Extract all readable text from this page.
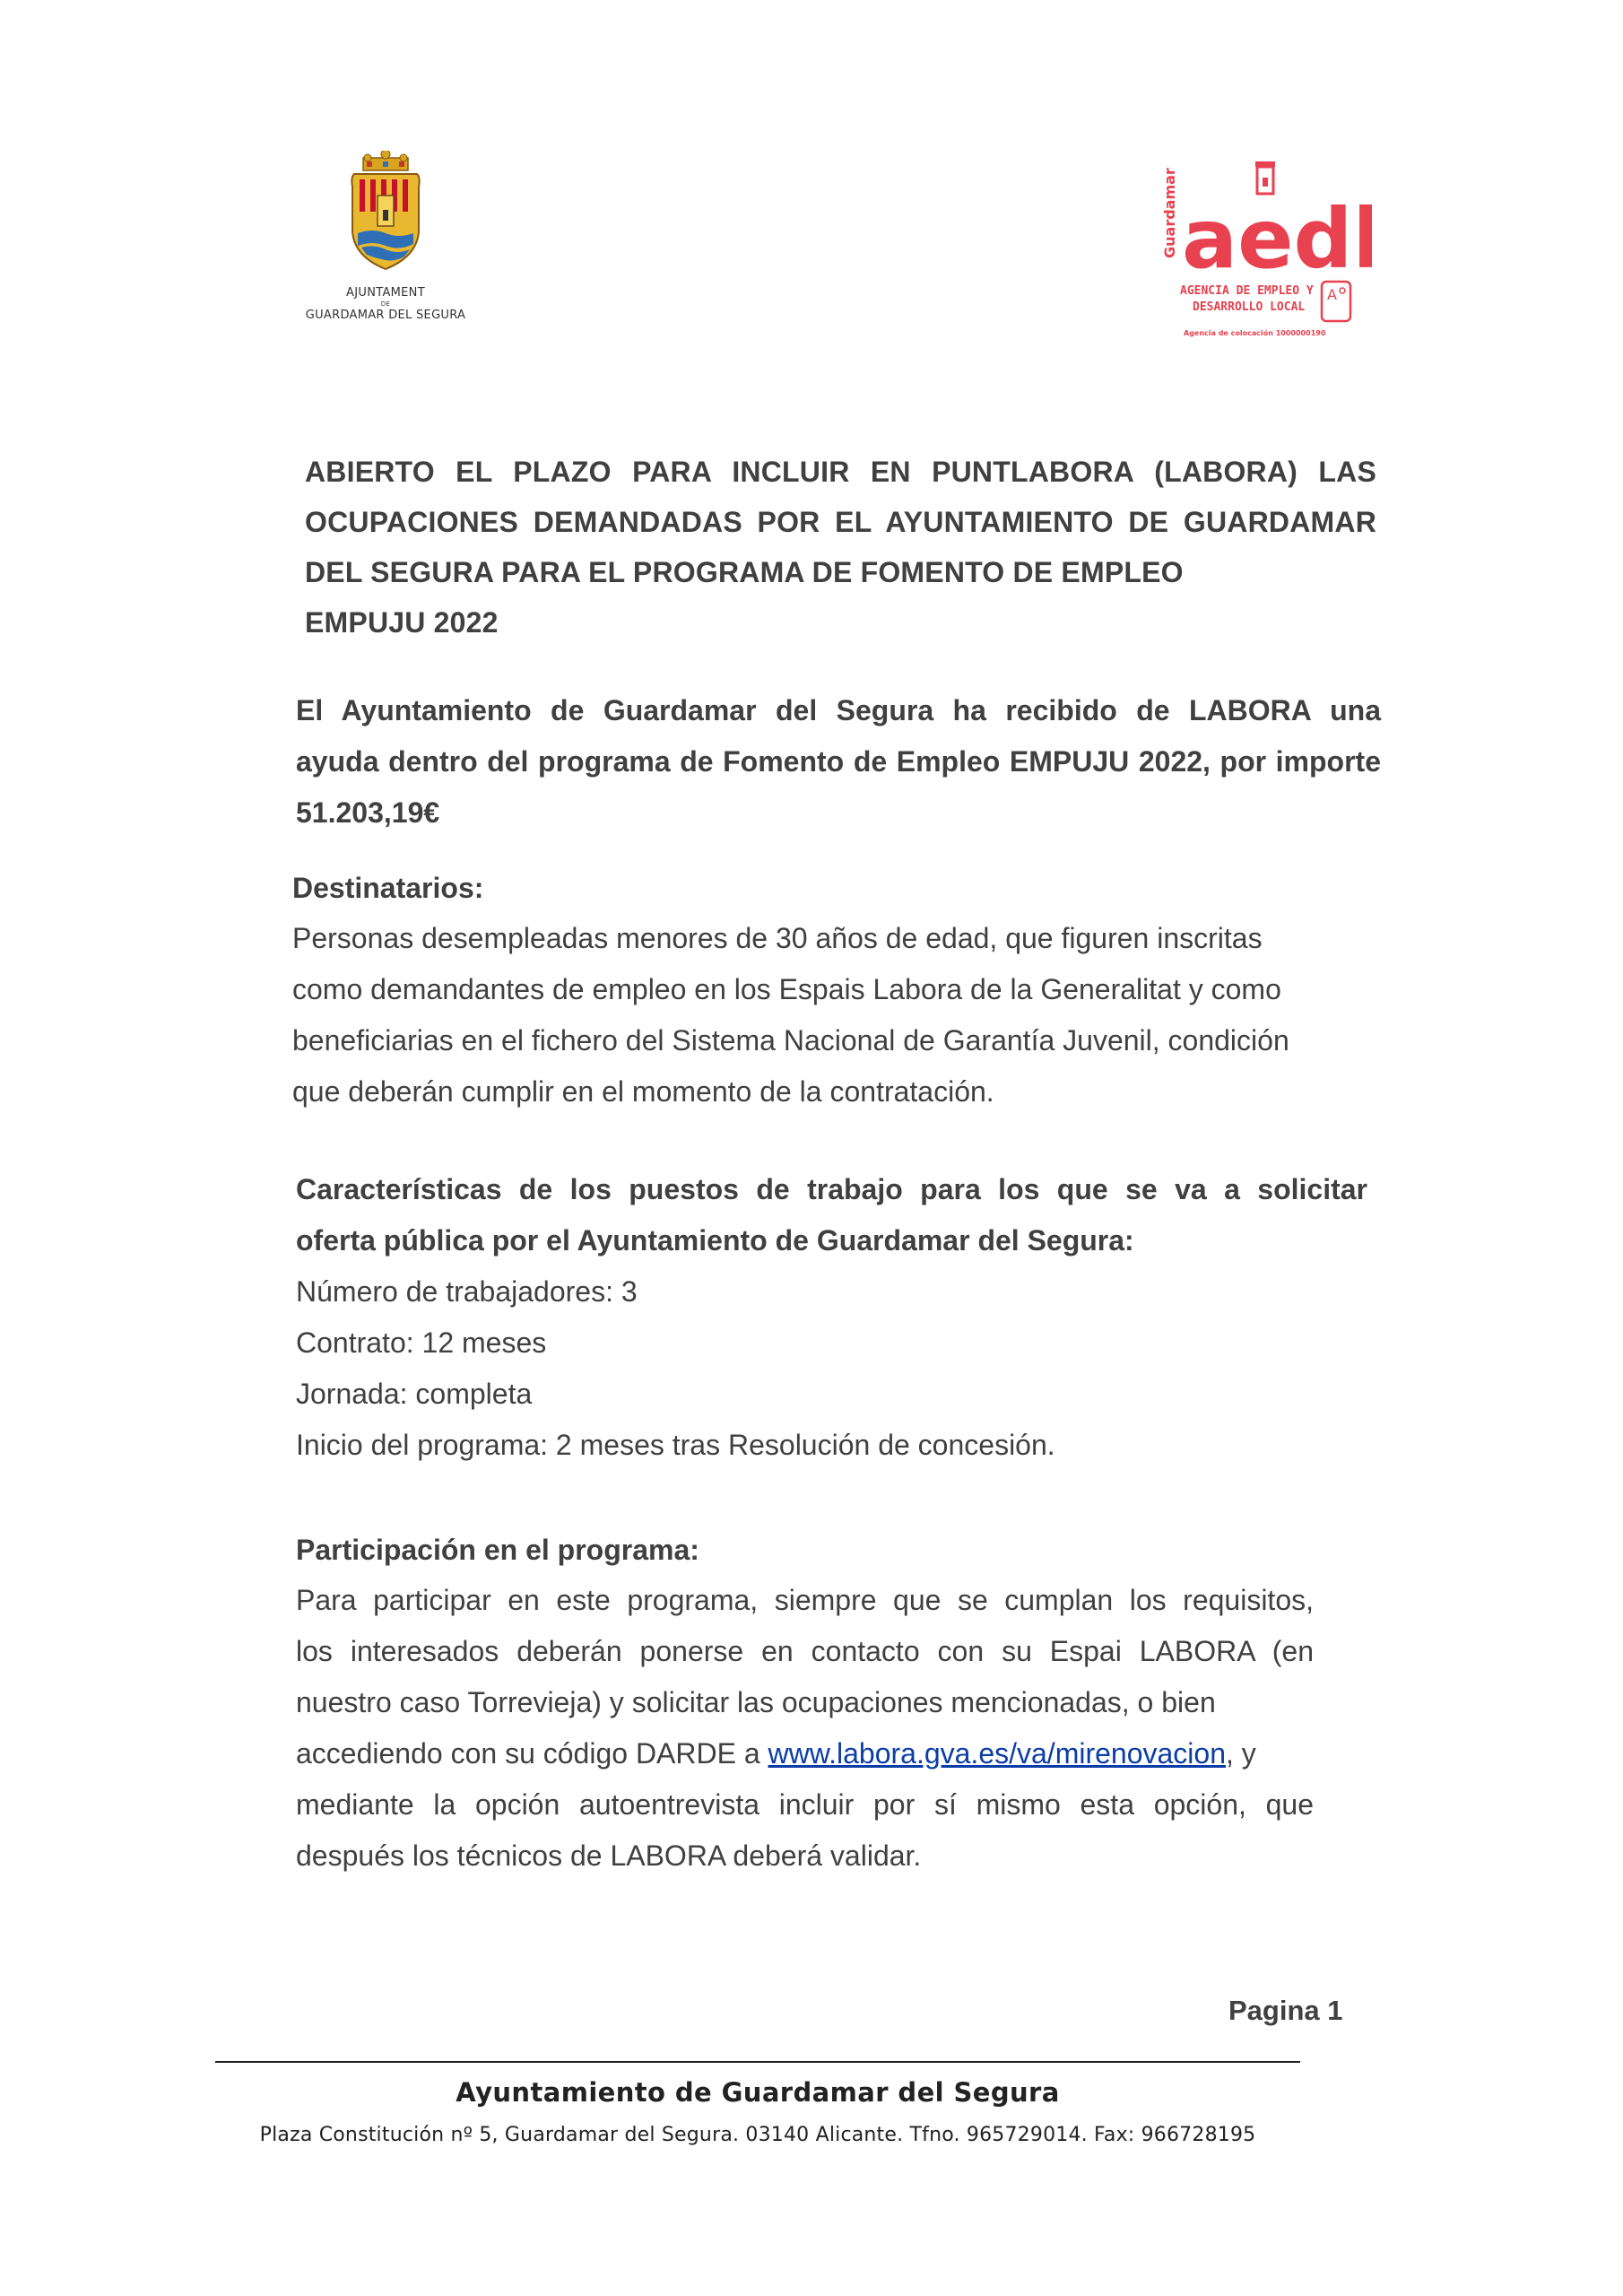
AJUNTAMENT
DE
GUARDAMAR DEL SEGURA
Guardamar aedl
AGENCIA DE EMPLEO Y
DESARROLLO LOCAL
A
Agencia de colocación 1000000190
ABIERTO EL PLAZO PARA INCLUIR EN PUNTLABORA (LABORA) LAS
OCUPACIONES DEMANDADAS POR EL AYUNTAMIENTO DE GUARDAMAR
DEL SEGURA PARA EL PROGRAMA DE FOMENTO DE EMPLEO
EMPUJU 2022
El Ayuntamiento de Guardamar del Segura ha recibido de LABORA una
ayuda dentro del programa de Fomento de Empleo EMPUJU 2022, por importe
51.203,19€
Destinatarios:
Personas desempleadas menores de 30 años de edad, que figuren inscritas
como demandantes de empleo en los Espais Labora de la Generalitat y como
beneficiarias en el fichero del Sistema Nacional de Garantía Juvenil, condición
que deberán cumplir en el momento de la contratación.
Características de los puestos de trabajo para los que se va a solicitar
oferta pública por el Ayuntamiento de Guardamar del Segura:
Número de trabajadores: 3
Contrato: 12 meses
Jornada: completa
Inicio del programa: 2 meses tras Resolución de concesión.
Participación en el programa:
Para participar en este programa, siempre que se cumplan los requisitos,
los interesados deberán ponerse en contacto con su Espai LABORA (en
nuestro caso Torrevieja) y solicitar las ocupaciones mencionadas, o bien
accediendo con su código DARDE a www.labora.gva.es/va/mirenovacion, y
mediante la opción autoentrevista incluir por sí mismo esta opción, que
después los técnicos de LABORA deberá validar.
Pagina 1
Ayuntamiento de Guardamar del Segura
Plaza Constitución nº 5, Guardamar del Segura. 03140 Alicante. Tfno. 965729014. Fax: 966728195
